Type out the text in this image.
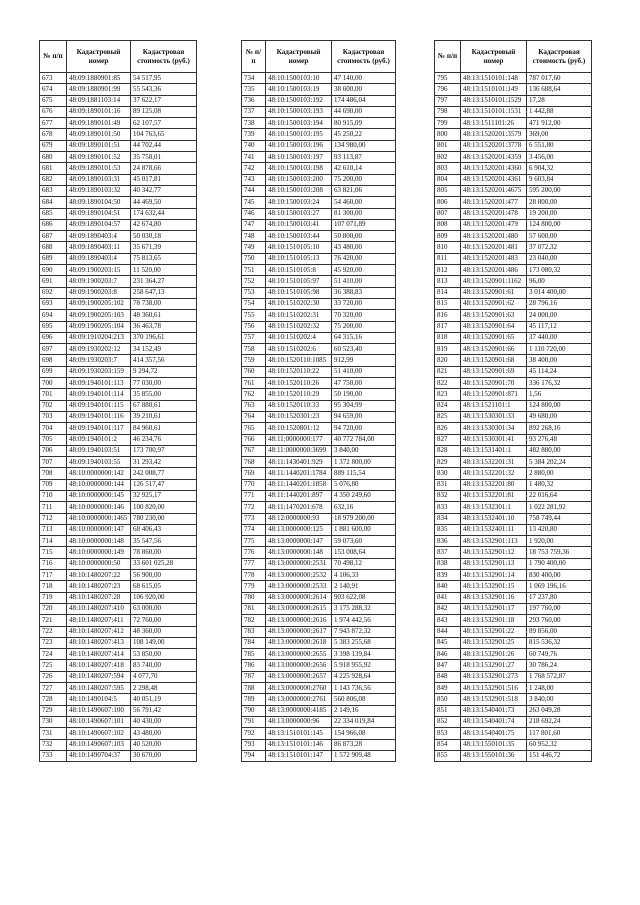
№ п/п	Кадастровый номер	Кадастровая стоимость (руб.)
673	48:09:1880901:85	54 517,95
674	48:09:1880901:99	55 543,36
675	48:09:1881103:14	37 622,17
676	48:09:1890101:16	89 125,08
677	48:09:1890101:49	62 107,57
678	48:09:1890101:50	104 763,65
679	48:09:1890101:51	44 702,44
680	48:09:1890101:52	35 758,01
681	48:09:1890101:53	24 878,66
682	48:09:1890103:31	45 017,81
683	48:09:1890103:32	40 342,77
684	48:09:1890104:50	44 469,50
685	48:09:1890104:51	174 632,44
686	48:09:1890104:57	42 674,80
687	48:09:1890403:4	50 030,18
688	48:09:1890403:11	35 671,39
689	48:09:1890403:4	75 813,65
690	48:09:1900203:15	11 520,00
691	48:09:1900203:7	231 364,27
692	48:09:1900203:8	258 647,13
693	48:09:1900205:102	78 738,00
694	48:09:1900205:103	48 360,61
695	48:09:1900205:104	36 463,78
696	48:09:1910204:213	370 196,61
697	48:09:1930202:12	34 152,49
698	48:09:1930203:7	414 357,56
699	48:09:1930203:159	9 294,72
700	48:09:1940101:113	77 030,00
701	48:09:1940101:114	35 855,00
702	48:09:1940101:115	67 880,61
703	48:09:1940101:116	39 210,61
704	48:09:1940101:117	84 960,61
705	48:09:1940101:2	46 234,76
706	48:09:1940103:51	173 700,97
707	48:09:1940103:55	31 293,42
708	48:10:0000000:142	242 008,77
709	48:10:0000000:144	126 517,47
710	48:10:0000000:145	32 925,17
711	48:10:0000000:146	100 820,00
712	48:10:0000000:1465	780 230,00
713	48:10:0000000:147	68 406,43
714	48:10:0000000:148	35 547,56
715	48:10:0000000:149	78 860,00
716	48:10:0000000:50	33 601 025,28
717	48:10:1480207:22	56 900,00
718	48:10:1480207:23	68 615,05
719	48:10:1480207:28	106 920,00
720	48:10:1480207:410	63 000,00
721	48:10:1480207:411	72 760,00
722	48:10:1480207:412	48 360,00
723	48:10:1480207:413	108 149,00
724	48:10:1480207:414	53 850,00
725	48:10:1480207:418	83 740,00
726	48:10:1480207:594	4 077,70
727	48:10:1480207:595	2 298,48
728	48:10:1490104:5	40 051,19
729	48:10:1490607:100	56 791,42
730	48:10:1490607:101	40 430,00
731	48:10:1490607:102	43 480,00
732	48:10:1490607:103	40 520,00
733	48:10:1490704:37	30 670,00
№ п/п	Кадастровый номер	Кадастровая стоимость (руб.)
734	48:10:1500103:10	47 140,00
735	48:10:1500103:19	38 600,00
736	48:10:1500103:192	174 486,04
737	48:10:1500103:193	44 690,00
738	48:10:1500103:194	80 915,09
739	48:10:1500103:195	45 250,22
740	48:10:1500103:196	134 980,00
741	48:10:1500103:197	93 113,87
742	48:10:1500103:198	42 610,14
743	48:10:1500103:200	75 200,00
744	48:10:1500103:208	63 821,06
745	48:10:1500103:24	54 460,00
746	48:10:1500103:27	81 300,00
747	48:10:1500103:41	107 071,89
748	48:10:1500103:44	50 800,00
749	48:10:1510105:10	43 480,00
750	48:10:1510105:13	76 420,00
751	48:10:1510105:8	45 920,00
752	48:10:1510105:97	51 410,00
753	48:10:1510105:98	36 388,83
754	48:10:1510202:30	33 720,00
755	48:10:1510202:31	70 320,00
756	48:10:1510202:32	75 200,00
757	48:10:1510202:4	64 315,16
758	48:10:1510202:6	60 523,40
759	48:10:1520110:1085	912,99
760	48:10:1520110:22	51 410,00
761	48:10:1520110:26	47 750,00
762	48:10:1520110:29	50 190,00
763	48:10:1520110:33	95 304,99
764	48:10:1520301:23	94 659,00
765	48:10:1520801:12	94 720,00
766	48:11:0000000:177	40 772 784,00
767	48:11:0000000:3699	3 840,00
768	48:11:1430401:929	1 372 800,00
769	48:11:1440201:1784	889 115,54
770	48:11:1440201:1858	5 076,80
771	48:11:1440201:897	4 350 249,60
772	48:11:1470201:678	632,16
773	48:12:0000000:93	18 979 200,00
774	48:13:0000000:125	1 881 600,00
775	48:13:0000000:147	59 073,60
776	48:13:0000000:148	153 008,64
777	48:13:0000000:2531	70 498,12
778	48:13:0000000:2532	4 106,33
779	48:13:0000000:2533	2 140,91
780	48:13:0000000:2614	903 622,08
781	48:13:0000000:2615	3 175 288,32
782	48:13:0000000:2616	1 974 442,56
783	48:13:0000000:2617	7 943 872,32
784	48:13:0000000:2618	5 383 255,68
785	48:13:0000000:2655	3 398 139,84
786	48:13:0000000:2656	5 918 955,92
787	48:13:0000000:2657	4 225 928,64
788	48:13:0000000:2760	1 143 736,56
789	48:13:0000000:2761	560 806,08
790	48:13:0000000:4185	2 149,16
791	48:13:0000000:96	22 334 019,84
792	48:13:1510101:145	154 966,08
793	48:13:1510101:146	86 873,28
794	48:13:1510101:147	1 572 909,48
№ п/п	Кадастровый номер	Кадастровая стоимость (руб.)
795	48:13:1510101:148	787 017,60
796	48:13:1510101:149	136 688,64
797	48:13:1510101:1529	17,28
798	48:13:1510101:1531	1 442,88
799	48:13:1511101:26	471 912,00
800	48:13:1520201:3579	369,00
801	48:13:1520201:3778	6 551,80
802	48:13:1520201:4359	3 456,00
803	48:13:1520201:4360	6 904,32
804	48:13:1520201:4361	9 603,84
805	48:13:1520201:4675	595 200,00
806	48:13:1520201:477	28 800,00
807	48:13:1520201:478	19 200,00
808	48:13:1520201:479	124 800,00
809	48:13:1520201:480	57 600,00
810	48:13:1520201:481	37 072,32
811	48:13:1520201:483	23 040,00
812	48:13:1520201:486	173 080,32
813	48:13:1520901:1162	96,00
814	48:13:1520901:61	3 014 400,00
815	48:13:1520901:62	28 796,16
816	48:13:1520901:63	24 000,00
817	48:13:1520901:64	45 117,12
818	48:13:1520901:65	37 440,00
819	48:13:1520901:66	1 110 720,00
820	48:13:1520901:68	38 400,00
821	48:13:1520901:69	45 114,24
822	48:13:1520901:70	336 176,32
823	48:13:1520901:871	1,56
824	48:13:1521101:1	124 800,00
825	48:13:1530301:33	49 680,00
826	48:13:1530301:34	892 268,16
827	48:13:1530301:41	93 276,48
828	48:13:1531401:1	482 880,00
829	48:13:1532201:31	5 384 202,24
830	48:13:1532201:32	2 880,00
831	48:13:1532201:80	1 480,32
832	48:13:1532201:81	22 016,64
833	48:13:1532301:1	1 022 281,92
834	48:13:1532401:10	758 749,44
835	48:13:1532401:11	13 420,80
836	48:13:1532901:113	1 920,00
837	48:13:1532901:12	18 753 759,36
838	48:13:1532901:13	1 790 400,00
839	48:13:1532901:14	830 400,00
840	48:13:1532901:15	1 069 196,16
841	48:13:1532901:16	17 237,80
842	48:13:1532901:17	197 760,00
843	48:13:1532901:18	293 760,00
844	48:13:1532901:22	89 856,00
845	48:13:1532901:25	815 536,32
846	48:13:1532901:26	60 749,76
847	48:13:1532901:27	30 786,24
848	48:13:1532901:273	1 768 572,87
849	48:13:1532901:516	1 248,00
850	48:13:1532901:518	3 840,00
851	48:13:1540401:73	263 049,28
852	48:13:1540401:74	218 692,24
853	48:13:1540401:75	117 801,60
854	48:13:1550101:35	60 952,32
855	48:13:1550101:36	151 446,72
